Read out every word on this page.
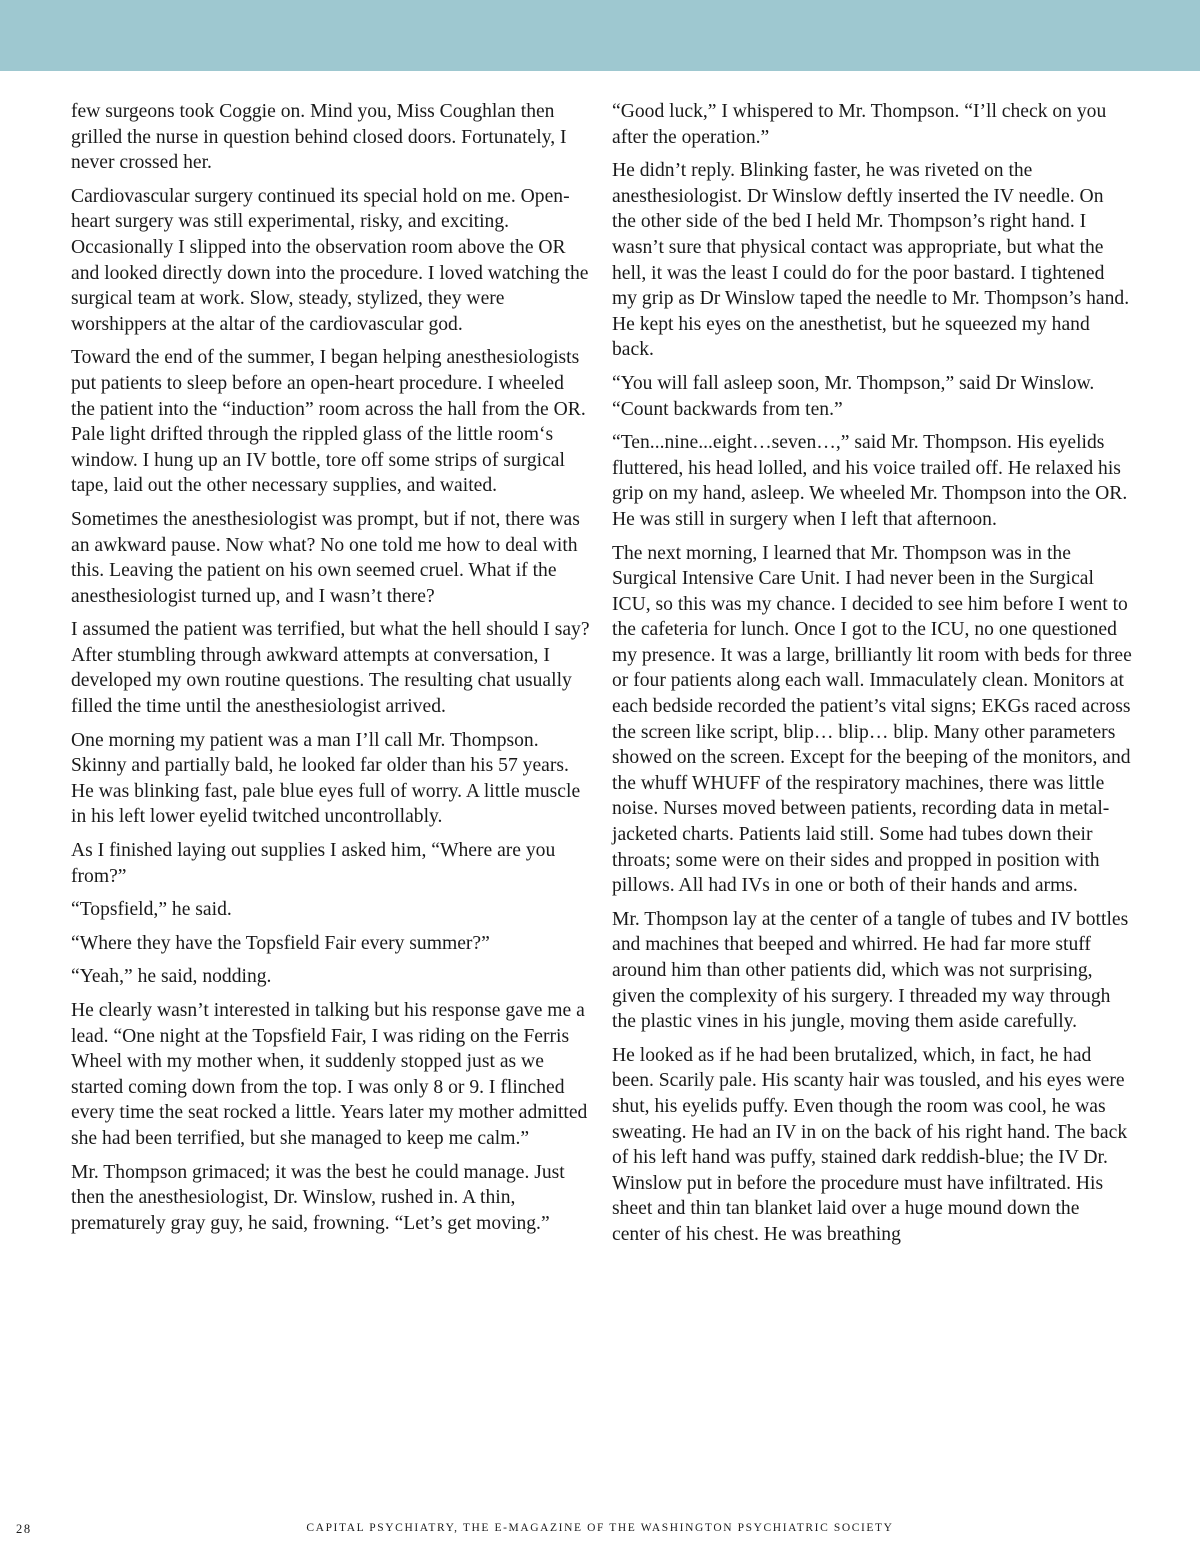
few surgeons took Coggie on. Mind you, Miss Coughlan then grilled the nurse in question behind closed doors. Fortunately, I never crossed her.

Cardiovascular surgery continued its special hold on me. Open-heart surgery was still experimental, risky, and exciting. Occasionally I slipped into the observation room above the OR and looked directly down into the procedure. I loved watching the surgical team at work. Slow, steady, stylized, they were worshippers at the altar of the cardiovascular god.

Toward the end of the summer, I began helping anesthesiologists put patients to sleep before an open-heart procedure. I wheeled the patient into the “induction” room across the hall from the OR. Pale light drifted through the rippled glass of the little room‘s window. I hung up an IV bottle, tore off some strips of surgical tape, laid out the other necessary supplies, and waited.

Sometimes the anesthesiologist was prompt, but if not, there was an awkward pause. Now what? No one told me how to deal with this. Leaving the patient on his own seemed cruel. What if the anesthesiologist turned up, and I wasn’t there?

I assumed the patient was terrified, but what the hell should I say? After stumbling through awkward attempts at conversation, I developed my own routine questions. The resulting chat usually filled the time until the anesthesiologist arrived.

One morning my patient was a man I’ll call Mr. Thompson. Skinny and partially bald, he looked far older than his 57 years. He was blinking fast, pale blue eyes full of worry. A little muscle in his left lower eyelid twitched uncontrollably.

As I finished laying out supplies I asked him, “Where are you from?”

“Topsfield,” he said.

“Where they have the Topsfield Fair every summer?”

“Yeah,” he said, nodding.

He clearly wasn’t interested in talking but his response gave me a lead. “One night at the Topsfield Fair, I was riding on the Ferris Wheel with my mother when, it suddenly stopped just as we started coming down from the top. I was only 8 or 9. I flinched every time the seat rocked a little. Years later my mother admitted she had been terrified, but she managed to keep me calm.”

Mr. Thompson grimaced; it was the best he could manage. Just then the anesthesiologist, Dr. Winslow, rushed in. A thin, prematurely gray guy, he said, frowning. “Let’s get moving.”

“Good luck,” I whispered to Mr. Thompson. “I’ll check on you after the operation.”

He didn’t reply. Blinking faster, he was riveted on the anesthesiologist. Dr Winslow deftly inserted the IV needle. On the other side of the bed I held Mr. Thompson’s right hand. I wasn’t sure that physical contact was appropriate, but what the hell, it was the least I could do for the poor bastard. I tightened my grip as Dr Winslow taped the needle to Mr. Thompson’s hand. He kept his eyes on the anesthetist, but he squeezed my hand back.

“You will fall asleep soon, Mr. Thompson,” said Dr Winslow. “Count backwards from ten.”

“Ten...nine...eight…seven…,” said Mr. Thompson. His eyelids fluttered, his head lolled, and his voice trailed off. He relaxed his grip on my hand, asleep. We wheeled Mr. Thompson into the OR. He was still in surgery when I left that afternoon.

The next morning, I learned that Mr. Thompson was in the Surgical Intensive Care Unit. I had never been in the Surgical ICU, so this was my chance. I decided to see him before I went to the cafeteria for lunch. Once I got to the ICU, no one questioned my presence. It was a large, brilliantly lit room with beds for three or four patients along each wall. Immaculately clean. Monitors at each bedside recorded the patient’s vital signs; EKGs raced across the screen like script, blip… blip… blip. Many other parameters showed on the screen. Except for the beeping of the monitors, and the whuff WHUFF of the respiratory machines, there was little noise. Nurses moved between patients, recording data in metal-jacketed charts. Patients laid still. Some had tubes down their throats; some were on their sides and propped in position with pillows. All had IVs in one or both of their hands and arms.

Mr. Thompson lay at the center of a tangle of tubes and IV bottles and machines that beeped and whirred. He had far more stuff around him than other patients did, which was not surprising, given the complexity of his surgery. I threaded my way through the plastic vines in his jungle, moving them aside carefully.

He looked as if he had been brutalized, which, in fact, he had been. Scarily pale. His scanty hair was tousled, and his eyes were shut, his eyelids puffy. Even though the room was cool, he was sweating. He had an IV in on the back of his right hand. The back of his left hand was puffy, stained dark reddish-blue; the IV Dr. Winslow put in before the procedure must have infiltrated. His sheet and thin tan blanket laid over a huge mound down the center of his chest. He was breathing

28	CAPITAL PSYCHIATRY, THE E-MAGAZINE OF THE WASHINGTON PSYCHIATRIC SOCIETY
